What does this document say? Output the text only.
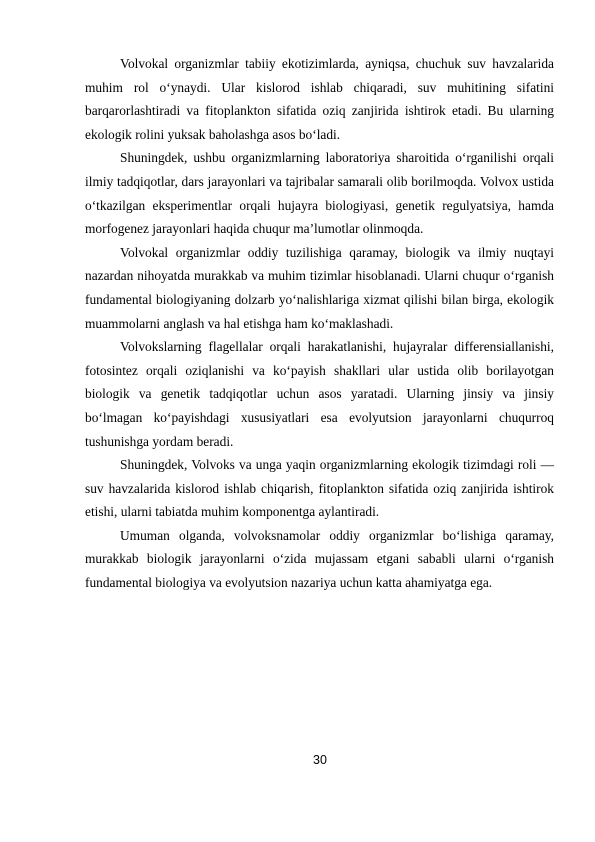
Volvokal organizmlar tabiiy ekotizimlarda, ayniqsa, chuchuk suv havzalarida muhim rol o‘ynaydi. Ular kislorod ishlab chiqaradi, suv muhitining sifatini barqarorlashtiradi va fitoplankton sifatida oziq zanjirida ishtirok etadi. Bu ularning ekologik rolini yuksak baholashga asos bo‘ladi.

Shuningdek, ushbu organizmlarning laboratoriya sharoitida o‘rganilishi orqali ilmiy tadqiqotlar, dars jarayonlari va tajribalar samarali olib borilmoqda. Volvox ustida o‘tkazilgan eksperimentlar orqali hujayra biologiyasi, genetik regulyatsiya, hamda morfogenez jarayonlari haqida chuqur ma’lumotlar olinmoqda.

Volvokal organizmlar oddiy tuzilishiga qaramay, biologik va ilmiy nuqtayi nazardan nihoyatda murakkab va muhim tizimlar hisoblanadi. Ularni chuqur o‘rganish fundamental biologiyaning dolzarb yo‘nalishlariga xizmat qilishi bilan birga, ekologik muammolarni anglash va hal etishga ham ko‘maklashadi.

Volvokslarning flagellalar orqali harakatlanishi, hujayralar differensiallanishi, fotosintez orqali oziqlanishi va ko‘payish shakllari ular ustida olib borilayotgan biologik va genetik tadqiqotlar uchun asos yaratadi. Ularning jinsiy va jinsiy bo‘lmagan ko‘payishdagi xususiyatlari esa evolyutsion jarayonlarni chuqurroq tushunishga yordam beradi.

Shuningdek, Volvoks va unga yaqin organizmlarning ekologik tizimdagi roli — suv havzalarida kislorod ishlab chiqarish, fitoplankton sifatida oziq zanjirida ishtirok etishi, ularni tabiatda muhim komponentga aylantiradi.

Umuman olganda, volvoksnamolar oddiy organizmlar bo‘lishiga qaramay, murakkab biologik jarayonlarni o‘zida mujassam etgani sababli ularni o‘rganish fundamental biologiya va evolyutsion nazariya uchun katta ahamiyatga ega.

30
